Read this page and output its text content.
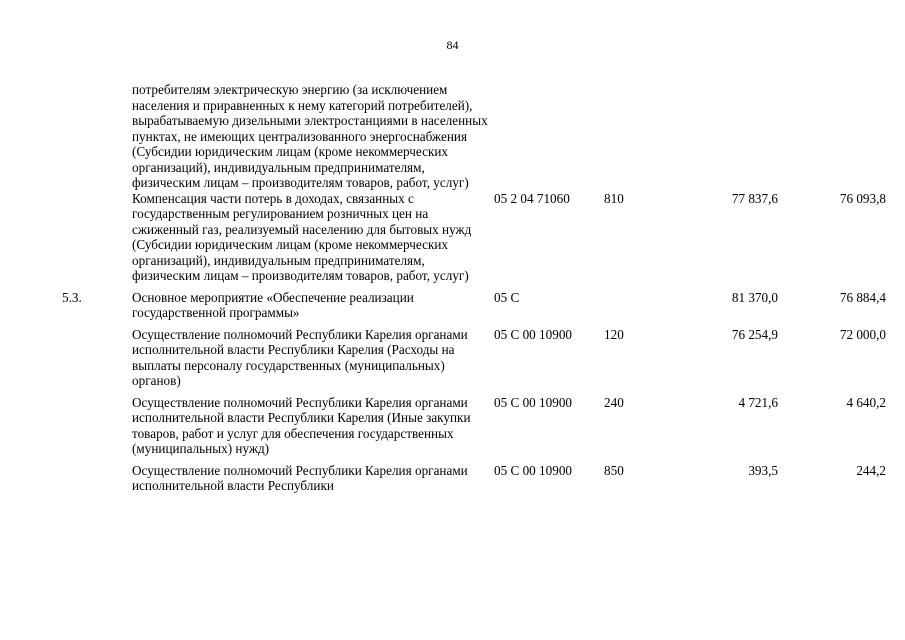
84
	потребителям электрическую энергию (за исключением населения и приравненных к нему категорий потребителей), вырабатываемую дизельными электростанциями в населенных пунктах, не имеющих централизованного энергоснабжения (Субсидии юридическим лицам (кроме некоммерческих организаций), индивидуальным предпринимателям, физическим лицам – производителям товаров, работ, услуг)				
	Компенсация части потерь в доходах, связанных с государственным регулированием розничных цен на сжиженный газ, реализуемый населению для бытовых нужд (Субсидии юридическим лицам (кроме некоммерческих организаций), индивидуальным предпринимателям, физическим лицам – производителям товаров, работ, услуг)	05 2 04 71060	810	77 837,6	76 093,8
5.3.	Основное мероприятие «Обеспечение реализации государственной программы»	05 С		81 370,0	76 884,4
	Осуществление полномочий Республики Карелия органами исполнительной власти Республики Карелия (Расходы на выплаты персоналу государственных (муниципальных) органов)	05 С 00 10900	120	76 254,9	72 000,0
	Осуществление полномочий Республики Карелия органами исполнительной власти Республики Карелия (Иные закупки товаров, работ и услуг для обеспечения государственных (муниципальных) нужд)	05 С 00 10900	240	4 721,6	4 640,2
	Осуществление полномочий Республики Карелия органами исполнительной власти Республики	05 С 00 10900	850	393,5	244,2
